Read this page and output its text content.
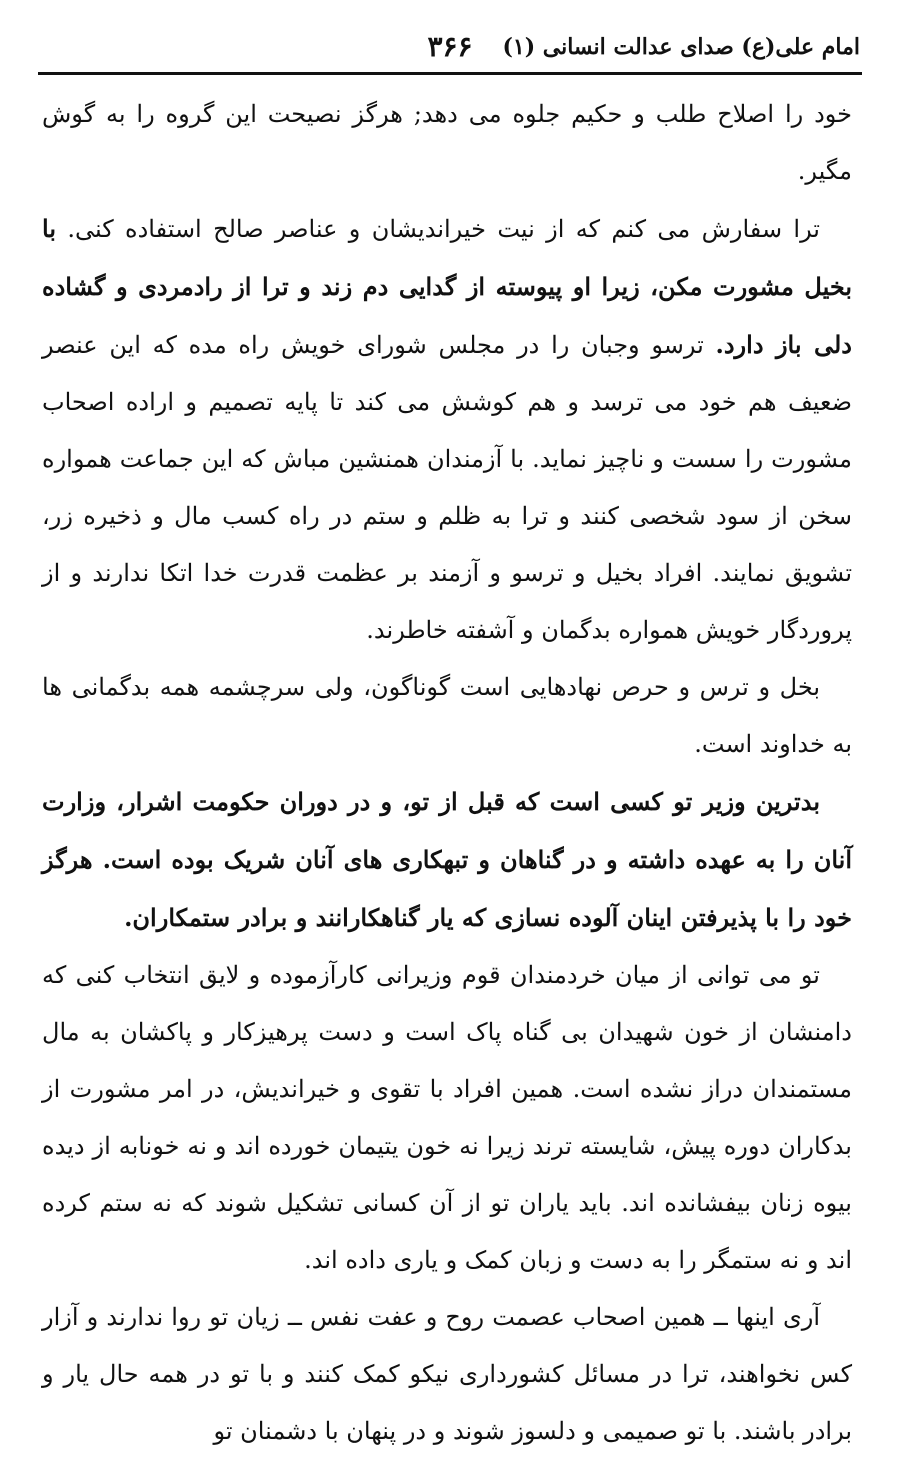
امام علی(ع) صدای عدالت انسانی (۱)
۳۶۶

خود را اصلاح طلب و حکیم جلوه می دهد; هرگز نصیحت این گروه را به گوش مگیر.

ترا سفارش می کنم که از نیت خیراندیشان و عناصر صالح استفاده کنی. با بخیل مشورت مکن، زیرا او پیوسته از گدایی دم زند و ترا از رادمردی و گشاده دلی باز دارد. ترسو وجبان را در مجلس شورای خویش راه مده که این عنصر ضعیف هم خود می ترسد و هم کوشش می کند تا پایه تصمیم و اراده اصحاب مشورت را سست و ناچیز نماید. با آزمندان همنشین مباش که این جماعت همواره سخن از سود شخصی کنند و ترا به ظلم و ستم در راه کسب مال و ذخیره زر، تشویق نمایند. افراد بخیل و ترسو و آزمند بر عظمت قدرت خدا اتکا ندارند و از پروردگار خویش همواره بدگمان و آشفته خاطرند.

بخل و ترس و حرص نهادهایی است گوناگون، ولی سرچشمه همه بدگمانی ها به خداوند است.

بدترین وزیر تو کسی است که قبل از تو، و در دوران حکومت اشرار، وزارت آنان را به عهده داشته و در گناهان و تبهکاری های آنان شریک بوده است. هرگز خود را با پذیرفتن اینان آلوده نسازی که یار گناهکارانند و برادر ستمکاران.

تو می توانی از میان خردمندان قوم وزیرانی کارآزموده و لایق انتخاب کنی که دامنشان از خون شهیدان بی گناه پاک است و دست پرهیزکار و پاکشان به مال مستمندان دراز نشده است. همین افراد با تقوی و خیراندیش، در امر مشورت از بدکاران دوره پیش، شایسته ترند زیرا نه خون یتیمان خورده اند و نه خونابه از دیده بیوه زنان بیفشانده اند. باید یاران تو از آن کسانی تشکیل شوند که نه ستم کرده اند و نه ستمگر را به دست و زبان کمک و یاری داده اند.

آری اینها ــ همین اصحاب عصمت روح و عفت نفس ــ زیان تو روا ندارند و آزار کس نخواهند، ترا در مسائل کشورداری نیکو کمک کنند و با تو در همه حال یار و برادر باشند. با تو صمیمی و دلسوز شوند و در پنهان با دشمنان تو
